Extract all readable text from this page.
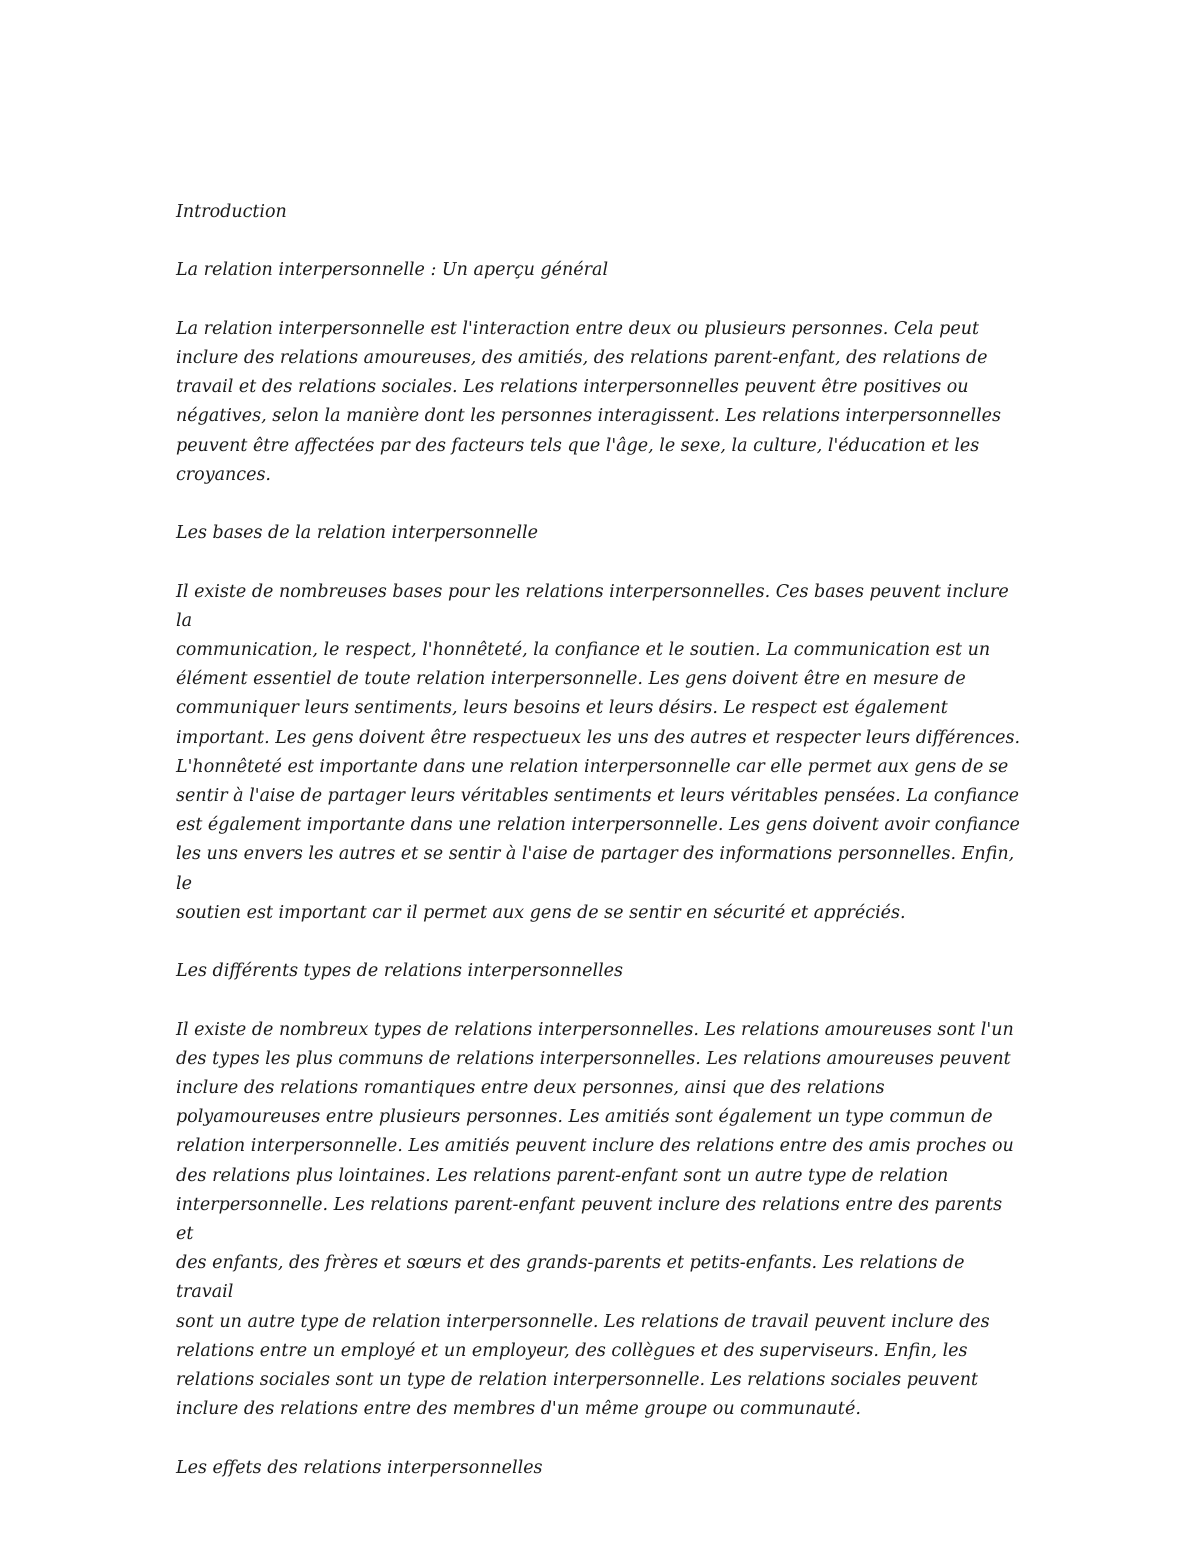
Introduction

La relation interpersonnelle : Un aperçu général

La relation interpersonnelle est l'interaction entre deux ou plusieurs personnes. Cela peut
inclure des relations amoureuses, des amitiés, des relations parent-enfant, des relations de
travail et des relations sociales. Les relations interpersonnelles peuvent être positives ou
négatives, selon la manière dont les personnes interagissent. Les relations interpersonnelles
peuvent être affectées par des facteurs tels que l'âge, le sexe, la culture, l'éducation et les
croyances.

Les bases de la relation interpersonnelle

Il existe de nombreuses bases pour les relations interpersonnelles. Ces bases peuvent inclure la
communication, le respect, l'honnêteté, la confiance et le soutien. La communication est un
élément essentiel de toute relation interpersonnelle. Les gens doivent être en mesure de
communiquer leurs sentiments, leurs besoins et leurs désirs. Le respect est également
important. Les gens doivent être respectueux les uns des autres et respecter leurs différences.
L'honnêteté est importante dans une relation interpersonnelle car elle permet aux gens de se
sentir à l'aise de partager leurs véritables sentiments et leurs véritables pensées. La confiance
est également importante dans une relation interpersonnelle. Les gens doivent avoir confiance
les uns envers les autres et se sentir à l'aise de partager des informations personnelles. Enfin, le
soutien est important car il permet aux gens de se sentir en sécurité et appréciés.

Les différents types de relations interpersonnelles

Il existe de nombreux types de relations interpersonnelles. Les relations amoureuses sont l'un
des types les plus communs de relations interpersonnelles. Les relations amoureuses peuvent
inclure des relations romantiques entre deux personnes, ainsi que des relations
polyamoureuses entre plusieurs personnes. Les amitiés sont également un type commun de
relation interpersonnelle. Les amitiés peuvent inclure des relations entre des amis proches ou
des relations plus lointaines. Les relations parent-enfant sont un autre type de relation
interpersonnelle. Les relations parent-enfant peuvent inclure des relations entre des parents et
des enfants, des frères et sœurs et des grands-parents et petits-enfants. Les relations de travail
sont un autre type de relation interpersonnelle. Les relations de travail peuvent inclure des
relations entre un employé et un employeur, des collègues et des superviseurs. Enfin, les
relations sociales sont un type de relation interpersonnelle. Les relations sociales peuvent
inclure des relations entre des membres d'un même groupe ou communauté.

Les effets des relations interpersonnelles
